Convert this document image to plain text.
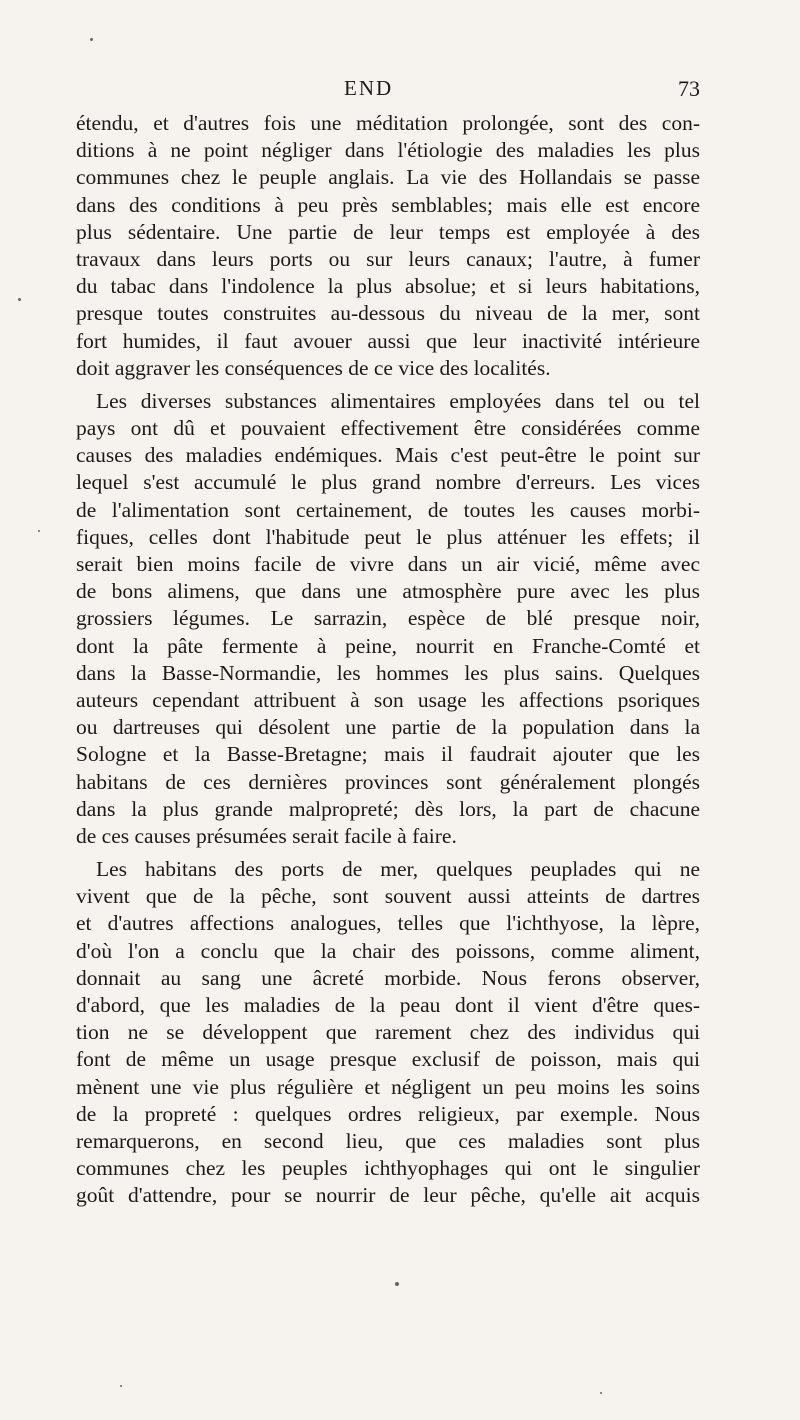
END	73
étendu, et d'autres fois une méditation prolongée, sont des con-
ditions à ne point négliger dans l'étiologie des maladies les plus
communes chez le peuple anglais. La vie des Hollandais se passe
dans des conditions à peu près semblables; mais elle est encore
plus sédentaire. Une partie de leur temps est employée à des
travaux dans leurs ports ou sur leurs canaux; l'autre, à fumer
du tabac dans l'indolence la plus absolue; et si leurs habitations,
presque toutes construites au-dessous du niveau de la mer, sont
fort humides, il faut avouer aussi que leur inactivité intérieure
doit aggraver les conséquences de ce vice des localités.
Les diverses substances alimentaires employées dans tel ou tel
pays ont dû et pouvaient effectivement être considérées comme
causes des maladies endémiques. Mais c'est peut-être le point sur
lequel s'est accumulé le plus grand nombre d'erreurs. Les vices
de l'alimentation sont certainement, de toutes les causes morbi-
fiques, celles dont l'habitude peut le plus atténuer les effets; il
serait bien moins facile de vivre dans un air vicié, même avec
de bons alimens, que dans une atmosphère pure avec les plus
grossiers légumes. Le sarrazin, espèce de blé presque noir,
dont la pâte fermente à peine, nourrit en Franche-Comté et
dans la Basse-Normandie, les hommes les plus sains. Quelques
auteurs cependant attribuent à son usage les affections psoriques
ou dartreuses qui désolent une partie de la population dans la
Sologne et la Basse-Bretagne; mais il faudrait ajouter que les
habitans de ces dernières provinces sont généralement plongés
dans la plus grande malpropreté; dès lors, la part de chacune
de ces causes présumées serait facile à faire.
Les habitans des ports de mer, quelques peuplades qui ne
vivent que de la pêche, sont souvent aussi atteints de dartres
et d'autres affections analogues, telles que l'ichthyose, la lèpre,
d'où l'on a conclu que la chair des poissons, comme aliment,
donnait au sang une âcreté morbide. Nous ferons observer,
d'abord, que les maladies de la peau dont il vient d'être ques-
tion ne se développent que rarement chez des individus qui
font de même un usage presque exclusif de poisson, mais qui
mènent une vie plus régulière et négligent un peu moins les soins
de la propreté : quelques ordres religieux, par exemple. Nous
remarquerons, en second lieu, que ces maladies sont plus
communes chez les peuples ichthyophages qui ont le singulier
goût d'attendre, pour se nourrir de leur pêche, qu'elle ait acquis
